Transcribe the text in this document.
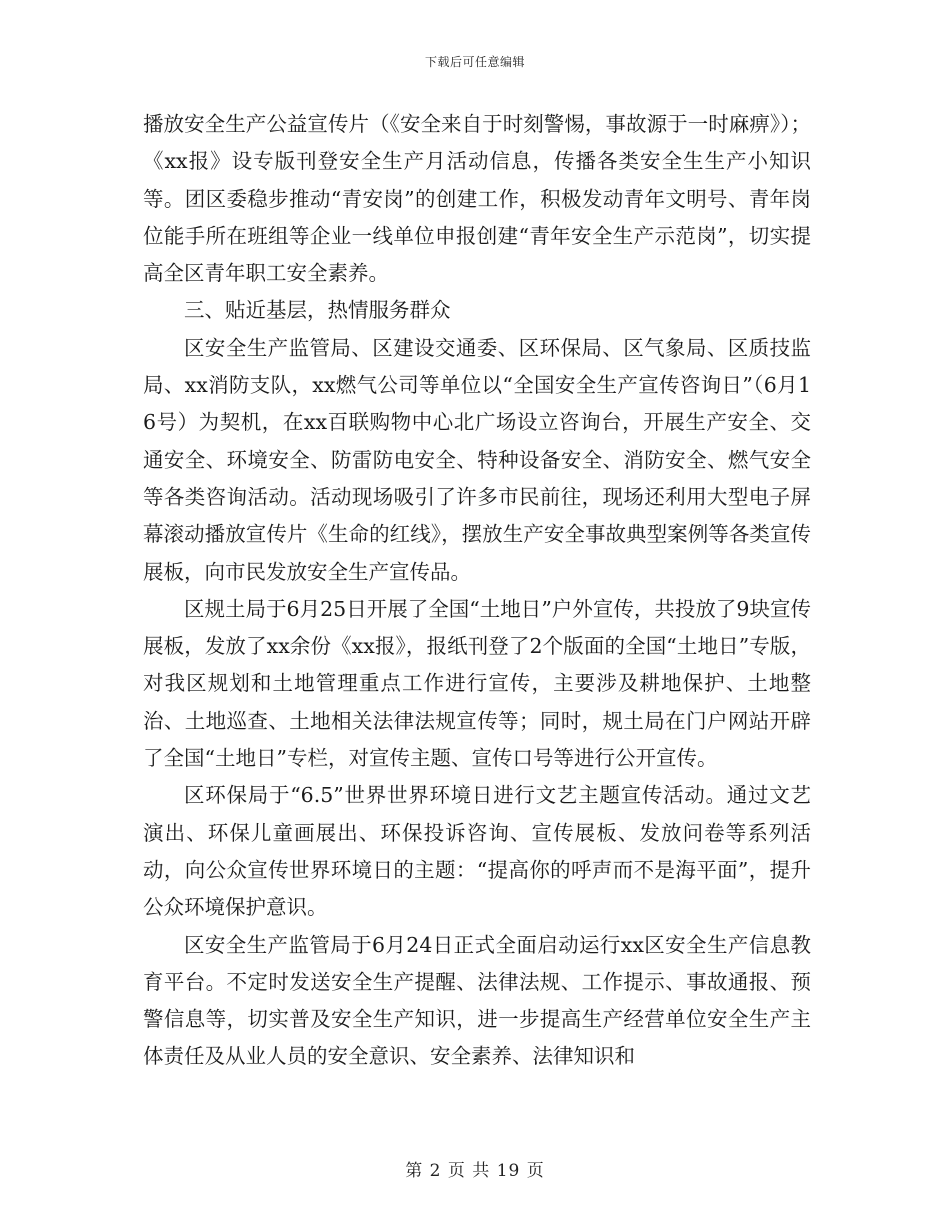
下载后可任意编辑

播放安全生产公益宣传片（《安全来自于时刻警惕，事故源于一时麻痹》）；《xx报》设专版刊登安全生产月活动信息，传播各类安全生生产小知识等。团区委稳步推动“青安岗”的创建工作，积极发动青年文明号、青年岗位能手所在班组等企业一线单位申报创建“青年安全生产示范岗”，切实提高全区青年职工安全素养。

三、贴近基层，热情服务群众

区安全生产监管局、区建设交通委、区环保局、区气象局、区质技监局、xx消防支队，xx燃气公司等单位以“全国安全生产宣传咨询日”（6月16号）为契机，在xx百联购物中心北广场设立咨询台，开展生产安全、交通安全、环境安全、防雷防电安全、特种设备安全、消防安全、燃气安全等各类咨询活动。活动现场吸引了许多市民前往，现场还利用大型电子屏幕滚动播放宣传片《生命的红线》，摆放生产安全事故典型案例等各类宣传展板，向市民发放安全生产宣传品。

区规土局于6月25日开展了全国“土地日”户外宣传，共投放了9块宣传展板，发放了xx余份《xx报》，报纸刊登了2个版面的全国“土地日”专版，对我区规划和土地管理重点工作进行宣传，主要涉及耕地保护、土地整治、土地巡查、土地相关法律法规宣传等；同时，规土局在门户网站开辟了全国“土地日”专栏，对宣传主题、宣传口号等进行公开宣传。

区环保局于“6.5”世界世界环境日进行文艺主题宣传活动。通过文艺演出、环保儿童画展出、环保投诉咨询、宣传展板、发放问卷等系列活动，向公众宣传世界环境日的主题：“提高你的呼声而不是海平面”，提升公众环境保护意识。

区安全生产监管局于6月24日正式全面启动运行xx区安全生产信息教育平台。不定时发送安全生产提醒、法律法规、工作提示、事故通报、预警信息等，切实普及安全生产知识，进一步提高生产经营单位安全生产主体责任及从业人员的安全意识、安全素养、法律知识和

第 2 页 共 19 页
